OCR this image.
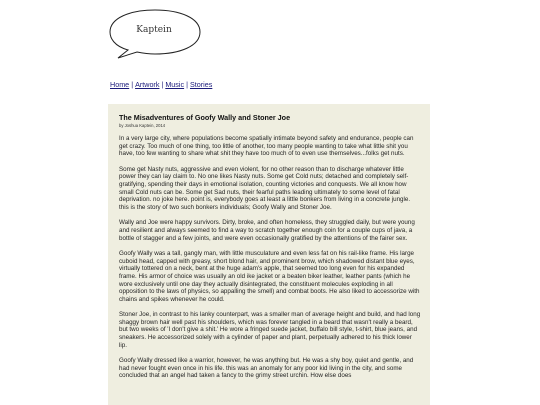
Kaptein
Home | Artwork | Music | Stories
The Misadventures of Goofy Wally and Stoner Joe
by Joshua Kaptein, 2014

In a very large city, where populations become spatially intimate beyond safety and endurance, people can get crazy. Too much of one thing, too little of another, too many people wanting to take what little shit you have, too few wanting to share what shit they have too much of to even use themselves...folks get nuts.

Some get Nasty nuts, aggressive and even violent, for no other reason than to discharge whatever little power they can lay claim to. No one likes Nasty nuts. Some get Cold nuts; detached and completely self-gratifying, spending their days in emotional isolation, counting victories and conquests. We all know how small Cold nuts can be. Some get Sad nuts, their fearful paths leading ultimately to some level of fatal deprivation. no joke here. point is, everybody goes at least a little bonkers from living in a concrete jungle. this is the story of two such bonkers individuals; Goofy Wally and Stoner Joe.

Wally and Joe were happy survivors. Dirty, broke, and often homeless, they struggled daily, but were young and resilient and always seemed to find a way to scratch together enough coin for a couple cups of java, a bottle of stagger and a few joints, and were even occasionally gratified by the attentions of the fairer sex.

Goofy Wally was a tall, gangly man, with little musculature and even less fat on his rail-like frame. His large cuboid head, capped with greasy, short blond hair, and prominent brow, which shadowed distant blue eyes, virtually tottered on a neck, bent at the huge adam's apple, that seemed too long even for his expanded frame. His armor of choice was usually an old ike jacket or a beaten biker leather, leather pants (which he wore exclusively until one day they actually disintegrated, the constituent molecules exploding in all opposition to the laws of physics, so appalling the smell) and combat boots. He also liked to accessorize with chains and spikes whenever he could.

Stoner Joe, in contrast to his lanky counterpart, was a smaller man of average height and build, and had long shaggy brown hair well past his shoulders, which was forever tangled in a beard that wasn't really a beard, but two weeks of 'I don't give a shit.' He wore a fringed suede jacket, buffalo bill style, t-shirt, blue jeans, and sneakers. He accessorized solely with a cylinder of paper and plant, perpetually adhered to his thick lower lip.

Goofy Wally dressed like a warrior, however, he was anything but. He was a shy boy, quiet and gentle, and had never fought even once in his life. this was an anomaly for any poor kid living in the city, and some concluded that an angel had taken a fancy to the grimy street urchin. How else does
